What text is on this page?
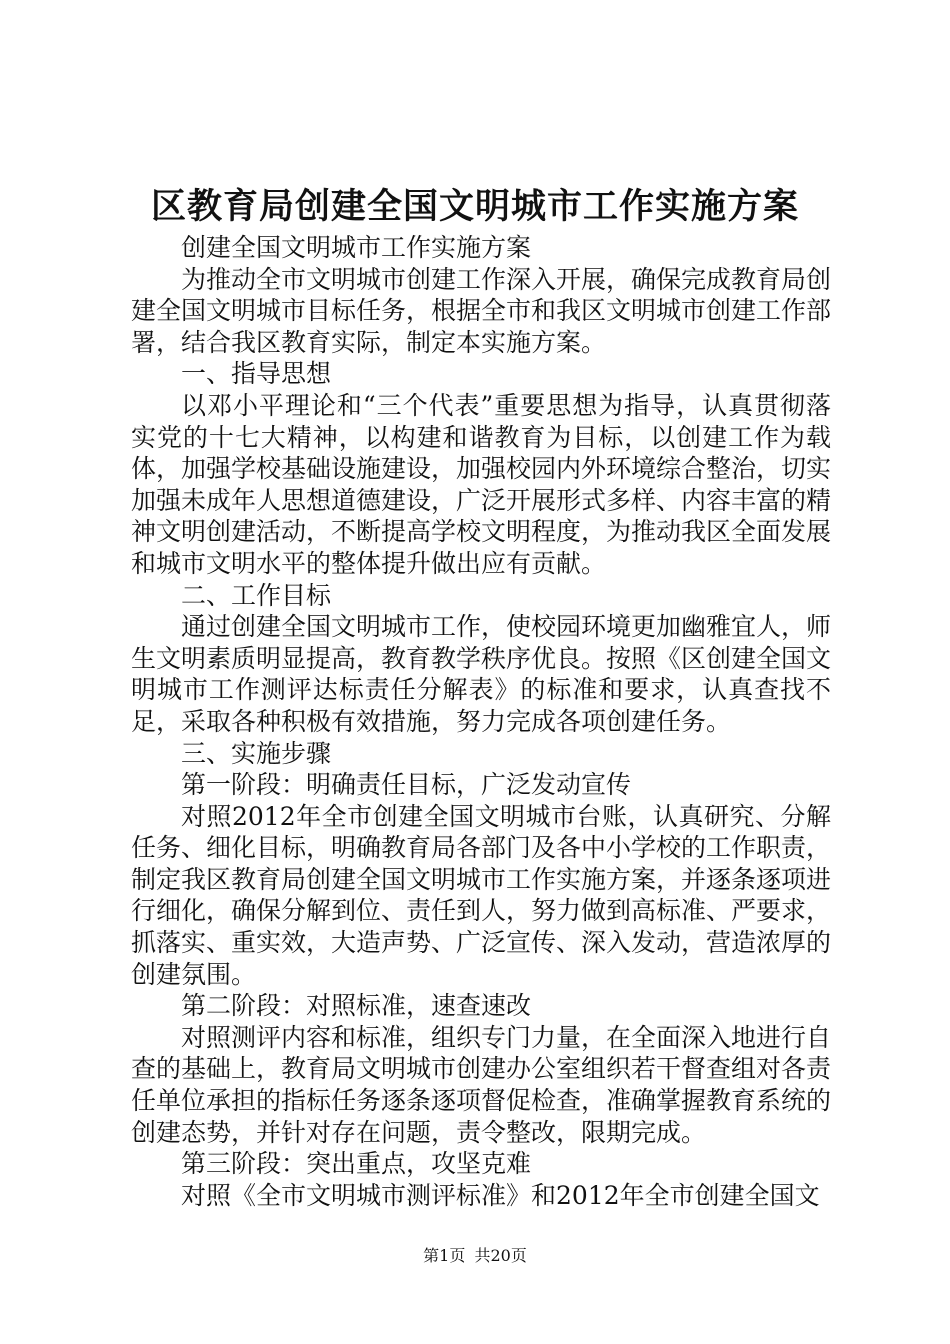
区教育局创建全国文明城市工作实施方案

创建全国文明城市工作实施方案

为推动全市文明城市创建工作深入开展，确保完成教育局创建全国文明城市目标任务，根据全市和我区文明城市创建工作部署，结合我区教育实际，制定本实施方案。

一、指导思想

以邓小平理论和“三个代表”重要思想为指导，认真贯彻落实党的十七大精神，以构建和谐教育为目标，以创建工作为载体，加强学校基础设施建设，加强校园内外环境综合整治，切实加强未成年人思想道德建设，广泛开展形式多样、内容丰富的精神文明创建活动，不断提高学校文明程度，为推动我区全面发展和城市文明水平的整体提升做出应有贡献。

二、工作目标

通过创建全国文明城市工作，使校园环境更加幽雅宜人，师生文明素质明显提高，教育教学秩序优良。按照《区创建全国文明城市工作测评达标责任分解表》的标准和要求，认真查找不足，采取各种积极有效措施，努力完成各项创建任务。

三、实施步骤

第一阶段：明确责任目标，广泛发动宣传

对照2012年全市创建全国文明城市台账，认真研究、分解任务、细化目标，明确教育局各部门及各中小学校的工作职责，制定我区教育局创建全国文明城市工作实施方案，并逐条逐项进行细化，确保分解到位、责任到人，努力做到高标准、严要求，抓落实、重实效，大造声势、广泛宣传、深入发动，营造浓厚的创建氛围。

第二阶段：对照标准，速查速改

对照测评内容和标准，组织专门力量，在全面深入地进行自查的基础上，教育局文明城市创建办公室组织若干督查组对各责任单位承担的指标任务逐条逐项督促检查，准确掌握教育系统的创建态势，并针对存在问题，责令整改，限期完成。

第三阶段：突出重点，攻坚克难

对照《全市文明城市测评标准》和2012年全市创建全国文

第1页 共20页
